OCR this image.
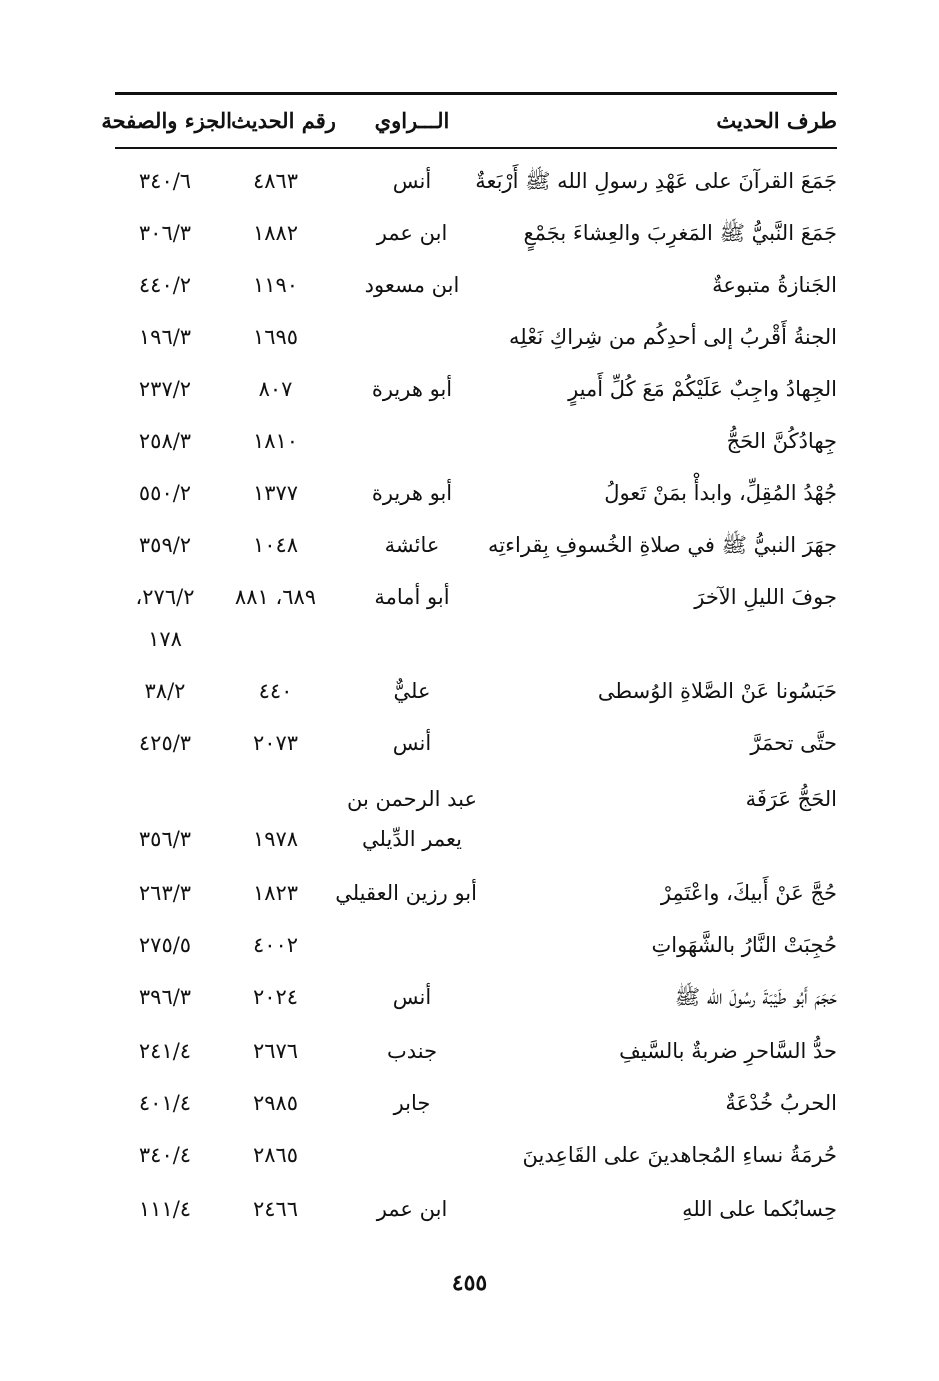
طرف الحديث
الـــراوي
رقم الحديث
الجزء والصفحة
جَمَعَ القرآنَ على عَهْدِ رسولِ الله ﷺ أَرْبَعةٌ
أنس
٤٨٦٣
٣٤٠/٦
جَمَعَ النَّبيُّ ﷺ المَغرِبَ والعِشاءَ بجَمْعٍ
ابن عمر
١٨٨٢
٣٠٦/٣
الجَنازةُ متبوعةٌ
ابن مسعود
١١٩٠
٤٤٠/٢
الجنةُ أَقْربُ إلى أحدِكُم من شِراكِ نَعْلِه
١٦٩٥
١٩٦/٣
الجِهادُ واجِبٌ عَلَيْكُمْ مَعَ كُلِّ أَميرٍ
أبو هريرة
٨٠٧
٢٣٧/٢
جِهادُكُنَّ الحَجُّ
١٨١٠
٢٥٨/٣
جُهْدُ المُقِلِّ، وابدأْ بمَنْ تَعولُ
أبو هريرة
١٣٧٧
٥٥٠/٢
جهَرَ النبيُّ ﷺ في صلاةِ الخُسوفِ بِقراءتِه
عائشة
١٠٤٨
٣٥٩/٢
جوفَ الليلِ الآخرَ
أبو أمامة
٦٨٩، ٨٨١
٢٧٦/٢،
١٧٨
حَبَسُونا عَنْ الصَّلاةِ الوُسطى
عليٌّ
٤٤٠
٣٨/٢
حتَّى تحمَرَّ
أنس
٢٠٧٣
٤٢٥/٣
الحَجُّ عَرَفَة
عبد الرحمن بن
يعمر الدِّيلي
١٩٧٨
٣٥٦/٣
حُجَّ عَنْ أَبيكَ، واعْتَمِرْ
أبو رزين العقيلي
١٨٢٣
٢٦٣/٣
حُجِبَتْ النَّارُ بالشَّهَواتِ
٤٠٠٢
٢٧٥/٥
حَجَمَ أَبُو طَيْبَةَ رسُولَ الله ﷺ
أنس
٢٠٢٤
٣٩٦/٣
حدُّ السَّاحرِ ضربةٌ بالسَّيفِ
جندب
٢٦٧٦
٢٤١/٤
الحربُ خُدْعَةٌ
جابر
٢٩٨٥
٤٠١/٤
حُرمَةُ نساءِ المُجاهدينَ على القَاعِدينَ
٢٨٦٥
٣٤٠/٤
حِسابُكما على اللهِ
ابن عمر
٢٤٦٦
١١١/٤
٤٥٥
